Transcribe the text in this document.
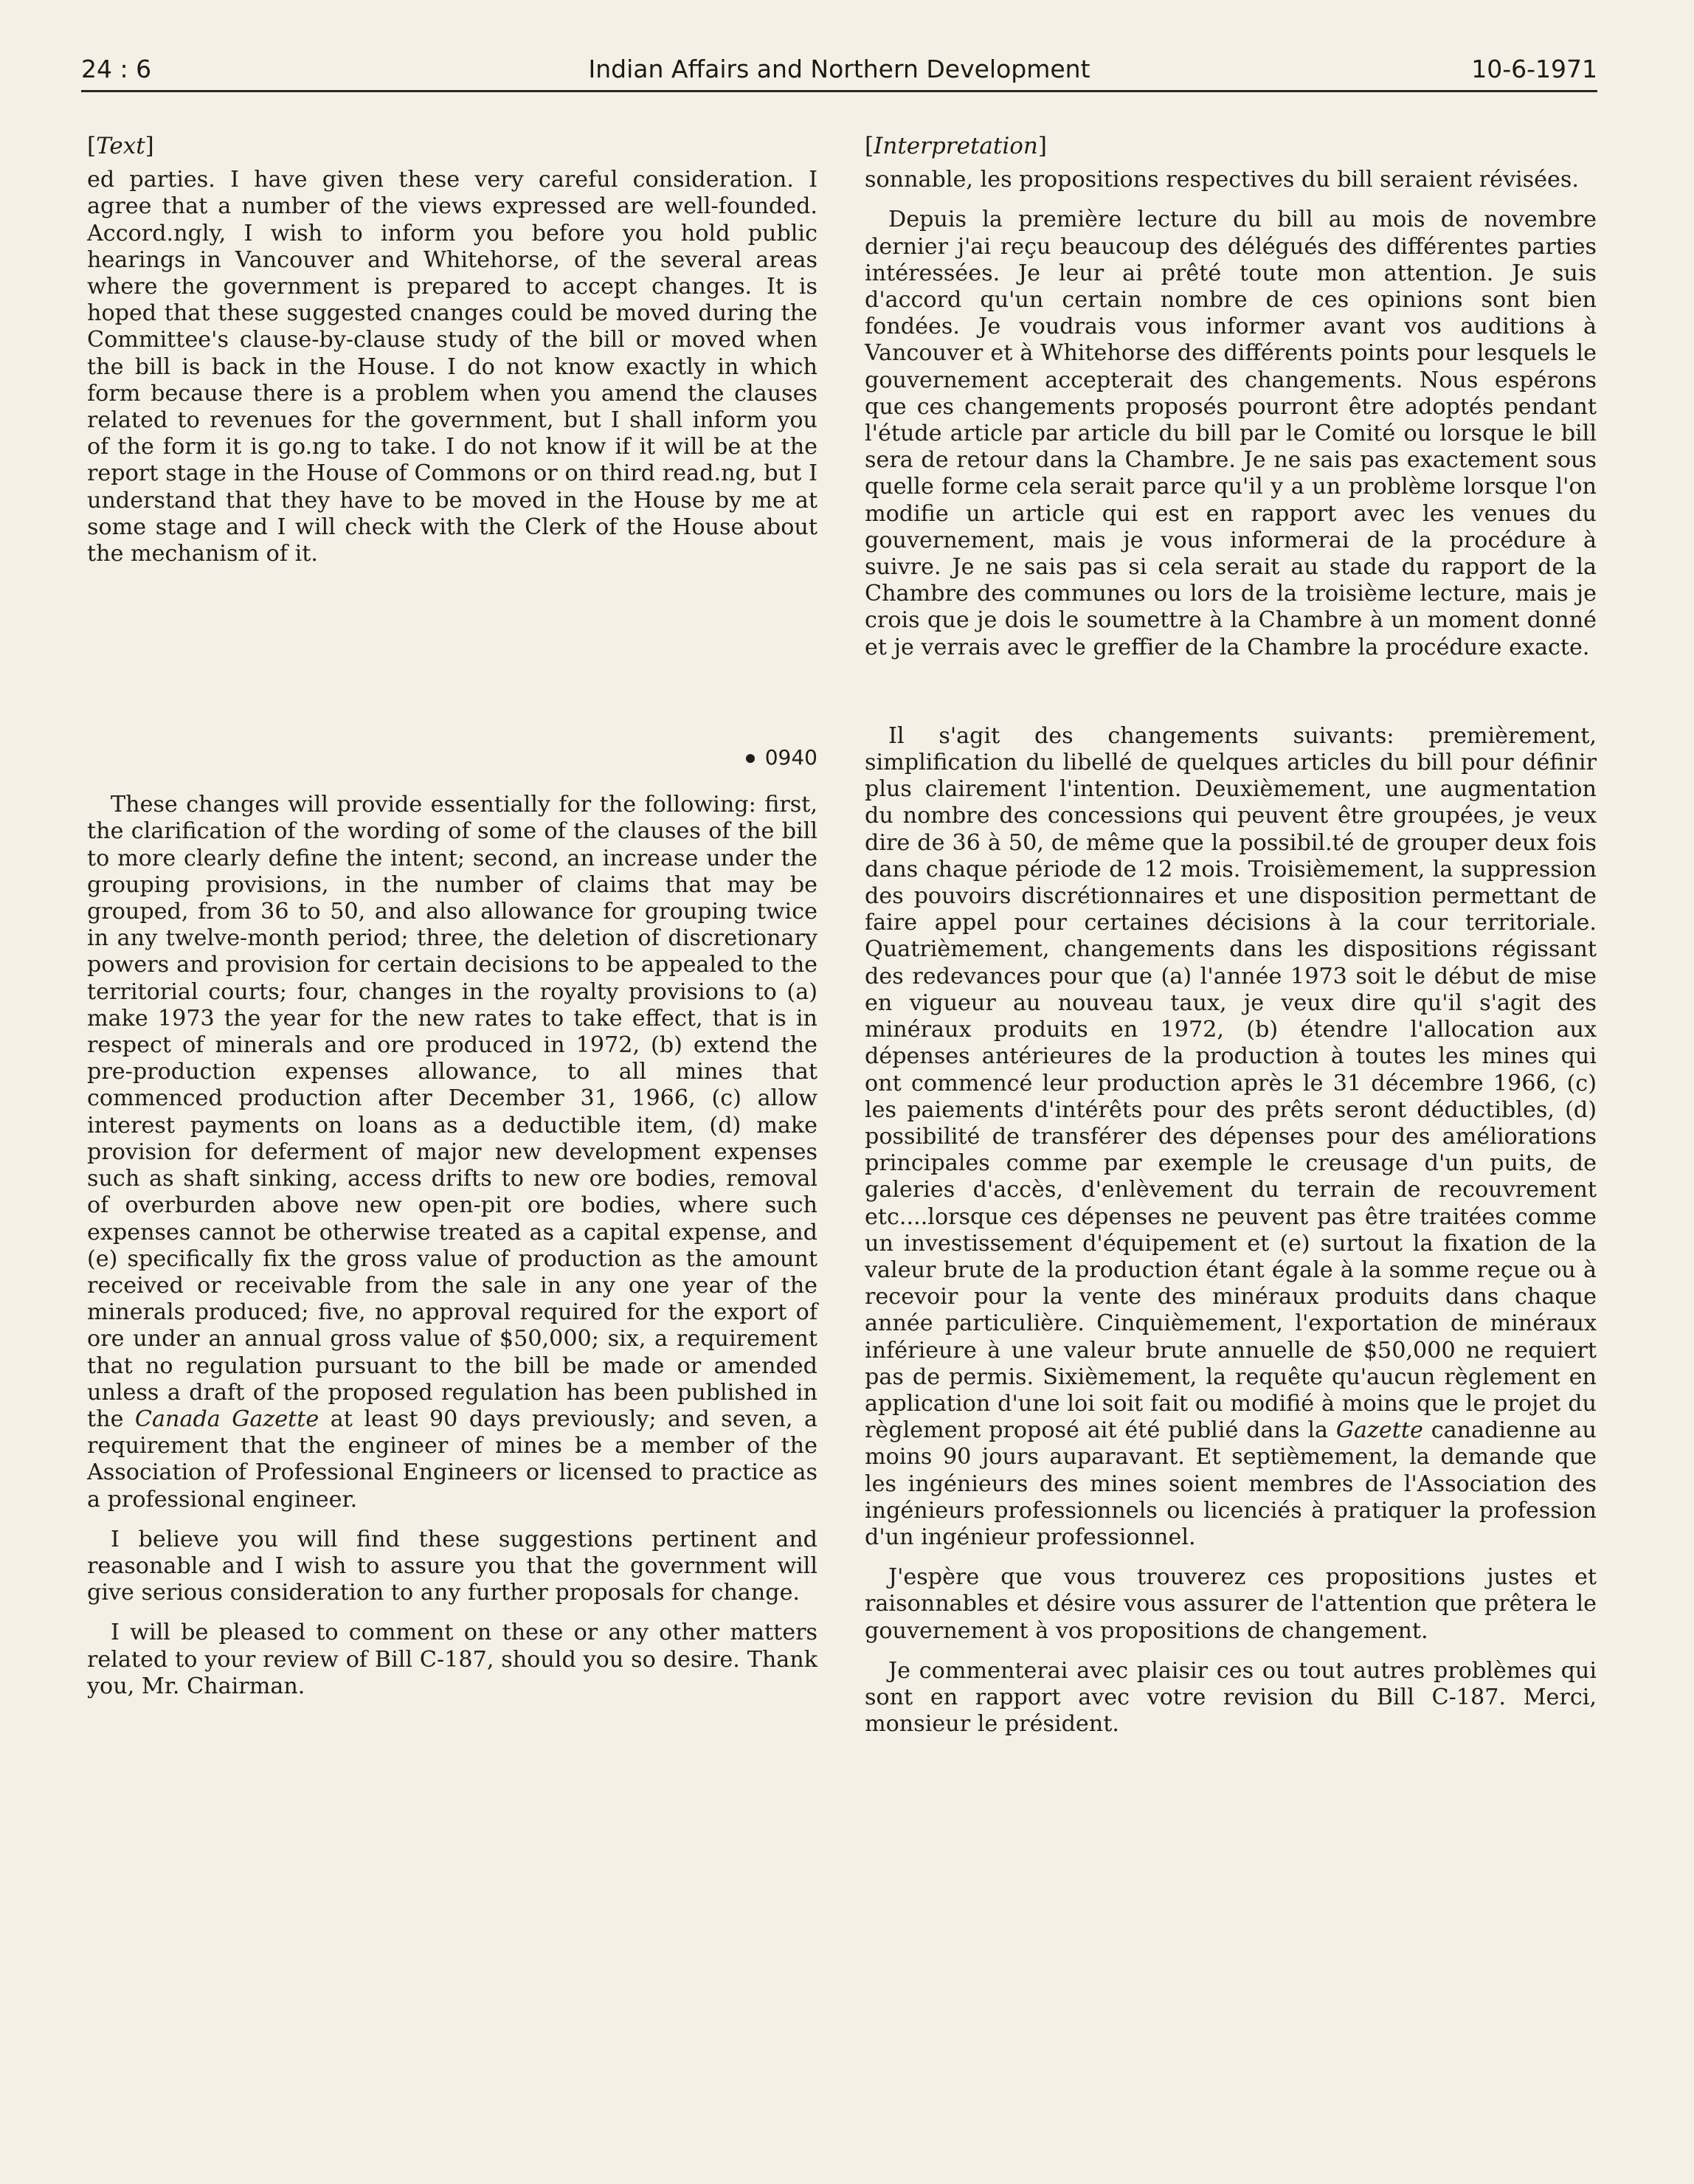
24 : 6	Indian Affairs and Northern Development	10-6-1971
[Text]

ed parties. I have given these very careful consideration. I agree that a number of the views expressed are well-founded. Accord.ngly, I wish to inform you before you hold public hearings in Vancouver and Whitehorse, of the several areas where the government is prepared to accept changes. It is hoped that these suggested cnanges could be moved during the Committee's clause-by-clause study of the bill or moved when the bill is back in the House. I do not know exactly in which form because there is a problem when you amend the clauses related to revenues for the government, but I shall inform you of the form it is go.ng to take. I do not know if it will be at the report stage in the House of Commons or on third read.ng, but I understand that they have to be moved in the House by me at some stage and I will check with the Clerk of the House about the mechanism of it.

0940

These changes will provide essentially for the following: first, the clarification of the wording of some of the clauses of the bill to more clearly define the intent; second, an increase under the grouping provisions, in the number of claims that may be grouped, from 36 to 50, and also allowance for grouping twice in any twelve-month period; three, the deletion of discretionary powers and provision for certain decisions to be appealed to the territorial courts; four, changes in the royalty provisions to (a) make 1973 the year for the new rates to take effect, that is in respect of minerals and ore produced in 1972, (b) extend the pre-production expenses allowance, to all mines that commenced production after December 31, 1966, (c) allow interest payments on loans as a deductible item, (d) make provision for deferment of major new development expenses such as shaft sinking, access drifts to new ore bodies, removal of overburden above new open-pit ore bodies, where such expenses cannot be otherwise treated as a capital expense, and (e) specifically fix the gross value of production as the amount received or receivable from the sale in any one year of the minerals produced; five, no approval required for the export of ore under an annual gross value of $50,000; six, a requirement that no regulation pursuant to the bill be made or amended unless a draft of the proposed regulation has been published in the Canada Gazette at least 90 days previously; and seven, a requirement that the engineer of mines be a member of the Association of Professional Engineers or licensed to practice as a professional engineer.

I believe you will find these suggestions pertinent and reasonable and I wish to assure you that the government will give serious consideration to any further proposals for change.

I will be pleased to comment on these or any other matters related to your review of Bill C-187, should you so desire. Thank you, Mr. Chairman.

[Interpretation]

sonnable, les propositions respectives du bill seraient révisées.

Depuis la première lecture du bill au mois de novembre dernier j'ai reçu beaucoup des délégués des différentes parties intéressées. Je leur ai prêté toute mon attention. Je suis d'accord qu'un certain nombre de ces opinions sont bien fondées. Je voudrais vous informer avant vos auditions à Vancouver et à Whitehorse des différents points pour lesquels le gouvernement accepterait des changements. Nous espérons que ces changements proposés pourront être adoptés pendant l'étude article par article du bill par le Comité ou lorsque le bill sera de retour dans la Chambre. Je ne sais pas exactement sous quelle forme cela serait parce qu'il y a un problème lorsque l'on modifie un article qui est en rapport avec les venues du gouvernement, mais je vous informerai de la procédure à suivre. Je ne sais pas si cela serait au stade du rapport de la Chambre des communes ou lors de la troisième lecture, mais je crois que je dois le soumettre à la Chambre à un moment donné et je verrais avec le greffier de la Chambre la procédure exacte.

Il s'agit des changements suivants: premièrement, simplification du libellé de quelques articles du bill pour définir plus clairement l'intention. Deuxièmement, une augmentation du nombre des concessions qui peuvent être groupées, je veux dire de 36 à 50, de même que la possibil.té de grouper deux fois dans chaque période de 12 mois. Troisièmement, la suppression des pouvoirs discrétionnaires et une disposition permettant de faire appel pour certaines décisions à la cour territoriale. Quatrièmement, changements dans les dispositions régissant des redevances pour que (a) l'année 1973 soit le début de mise en vigueur au nouveau taux, je veux dire qu'il s'agit des minéraux produits en 1972, (b) étendre l'allocation aux dépenses antérieures de la production à toutes les mines qui ont commencé leur production après le 31 décembre 1966, (c) les paiements d'intérêts pour des prêts seront déductibles, (d) possibilité de transférer des dépenses pour des améliorations principales comme par exemple le creusage d'un puits, de galeries d'accès, d'enlèvement du terrain de recouvrement etc....lorsque ces dépenses ne peuvent pas être traitées comme un investissement d'équipement et (e) surtout la fixation de la valeur brute de la production étant égale à la somme reçue ou à recevoir pour la vente des minéraux produits dans chaque année particulière. Cinquièmement, l'exportation de minéraux inférieure à une valeur brute annuelle de $50,000 ne requiert pas de permis. Sixièmement, la requête qu'aucun règlement en application d'une loi soit fait ou modifié à moins que le projet du règlement proposé ait été publié dans la Gazette canadienne au moins 90 jours auparavant. Et septièmement, la demande que les ingénieurs des mines soient membres de l'Association des ingénieurs professionnels ou licenciés à pratiquer la profession d'un ingénieur professionnel.

J'espère que vous trouverez ces propositions justes et raisonnables et désire vous assurer de l'attention que prêtera le gouvernement à vos propositions de changement.

Je commenterai avec plaisir ces ou tout autres problèmes qui sont en rapport avec votre revision du Bill C-187. Merci, monsieur le président.
